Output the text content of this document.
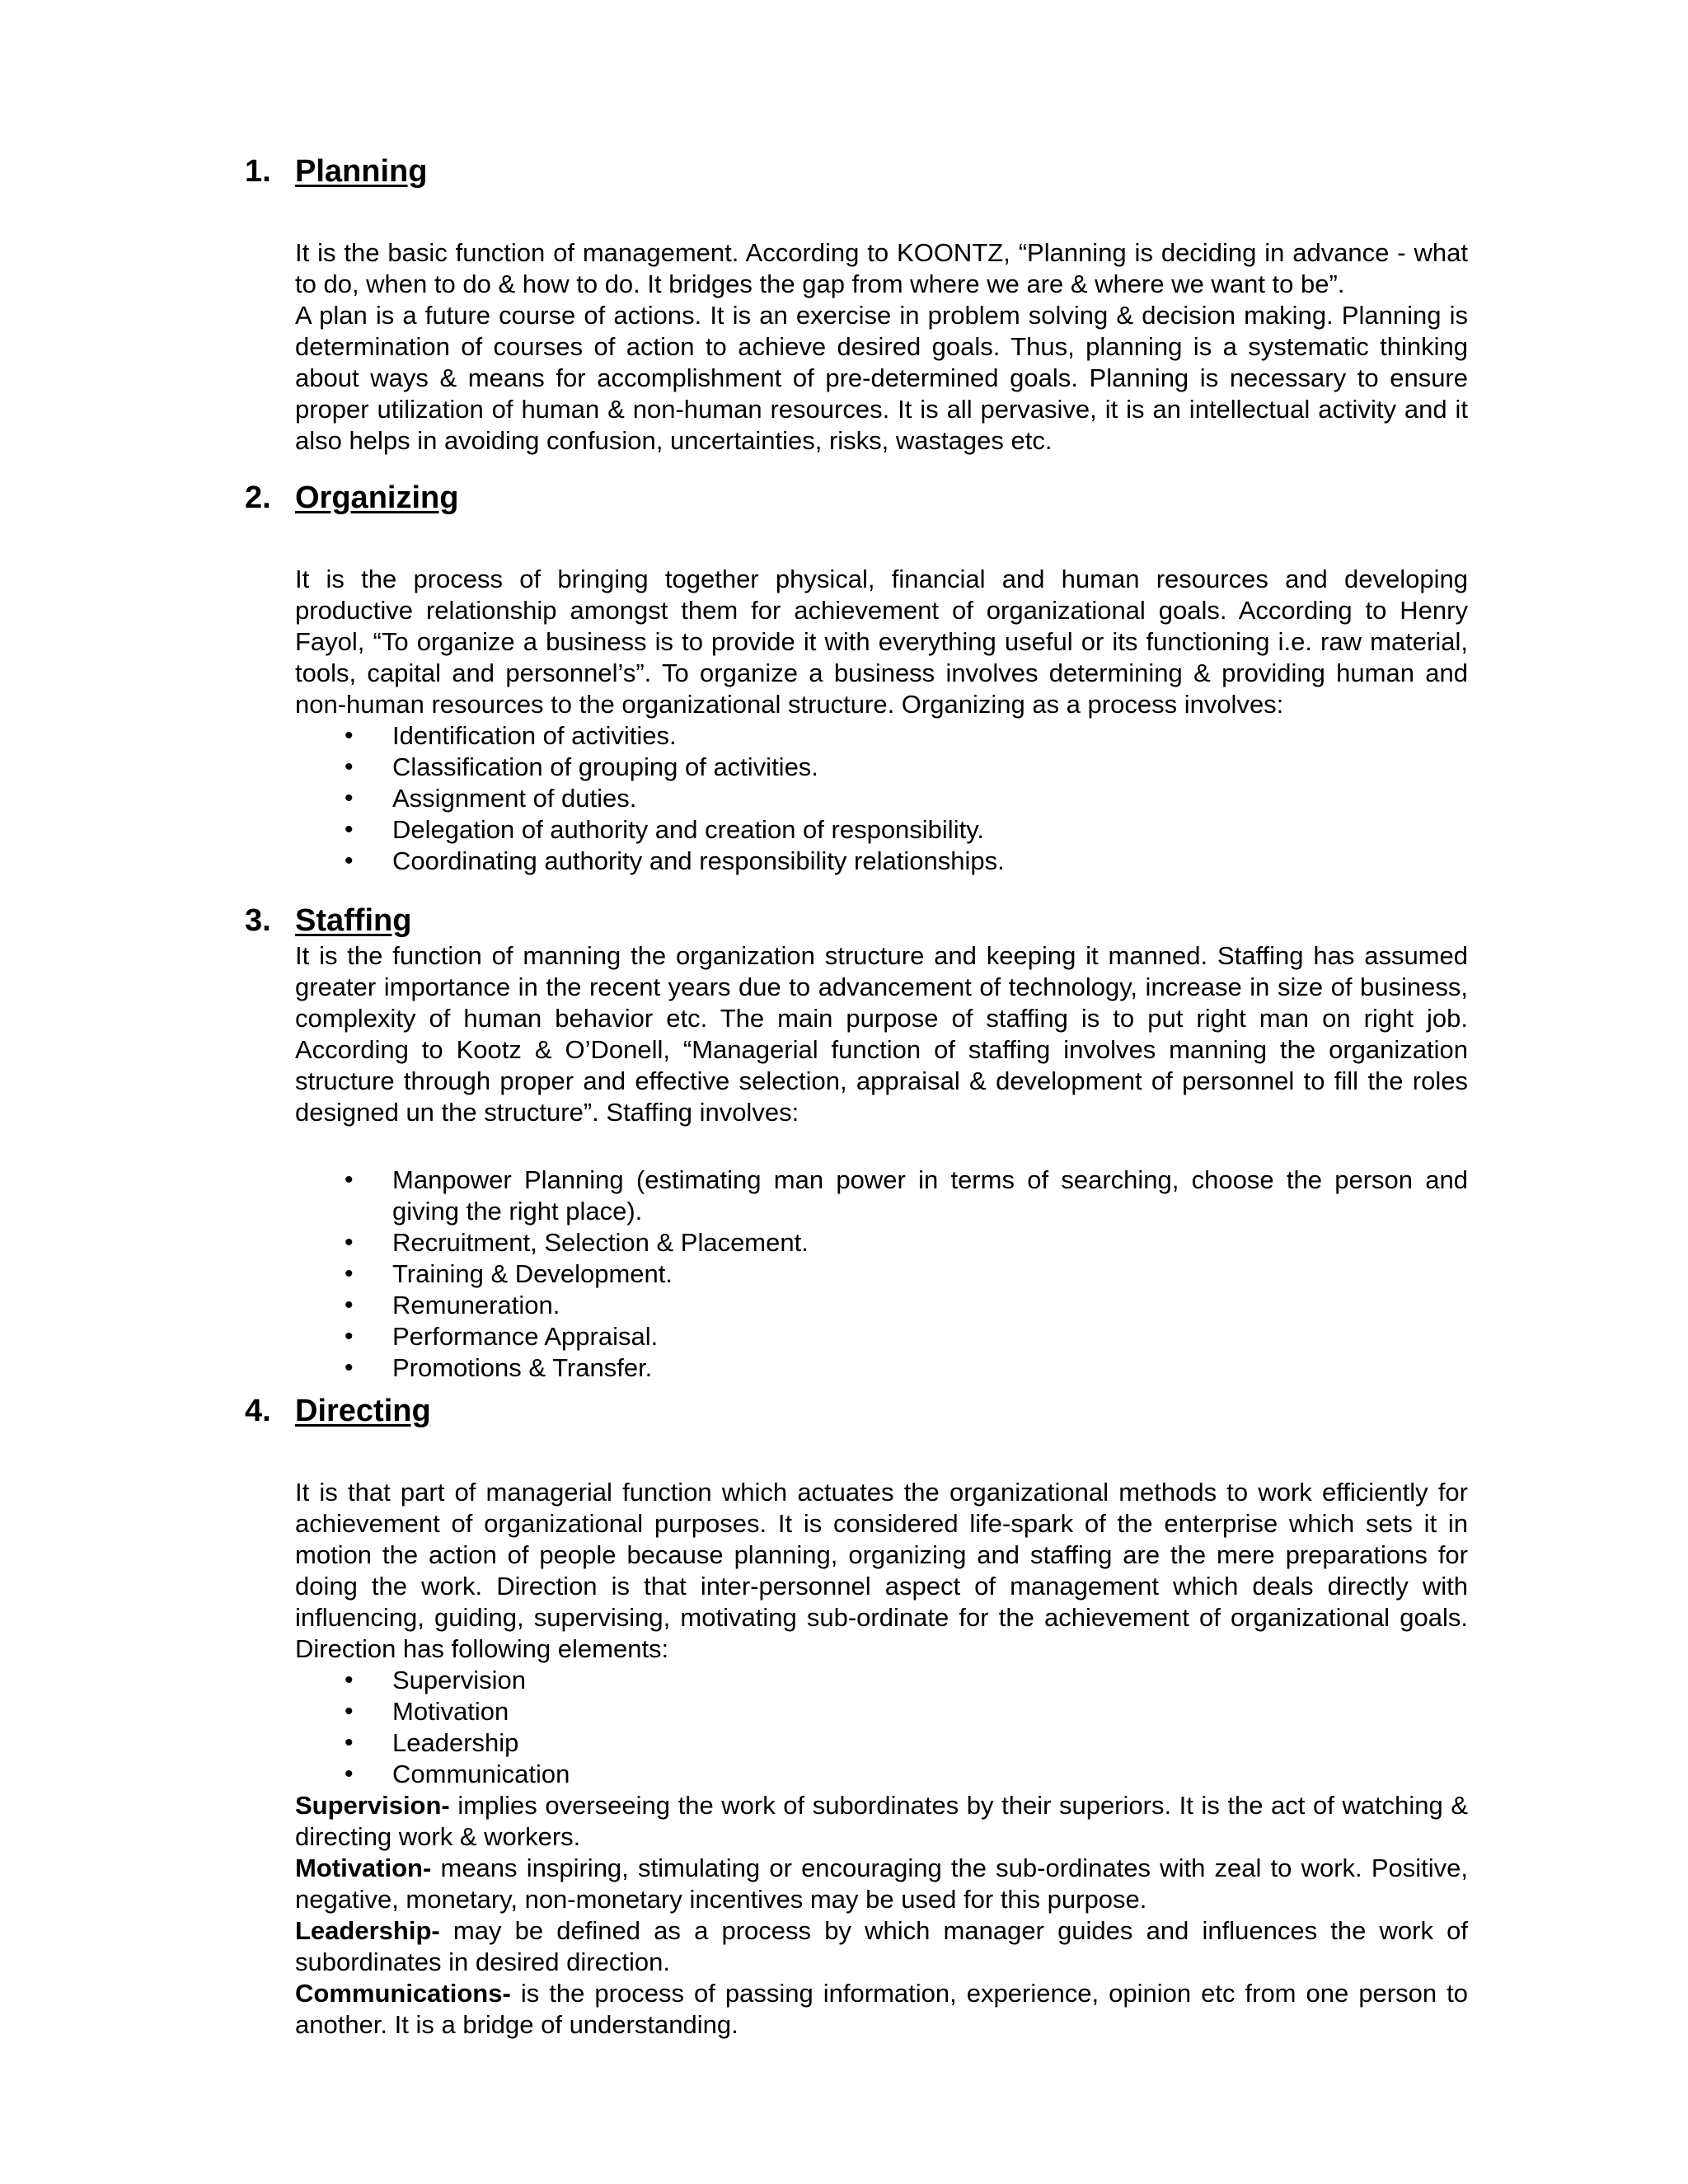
1. Planning

It is the basic function of management. According to KOONTZ, “Planning is deciding in advance - what to do, when to do & how to do. It bridges the gap from where we are & where we want to be”.

A plan is a future course of actions. It is an exercise in problem solving & decision making. Planning is determination of courses of action to achieve desired goals. Thus, planning is a systematic thinking about ways & means for accomplishment of pre-determined goals. Planning is necessary to ensure proper utilization of human & non-human resources. It is all pervasive, it is an intellectual activity and it also helps in avoiding confusion, uncertainties, risks, wastages etc.

2. Organizing

It is the process of bringing together physical, financial and human resources and developing productive relationship amongst them for achievement of organizational goals. According to Henry Fayol, “To organize a business is to provide it with everything useful or its functioning i.e. raw material, tools, capital and personnel’s”. To organize a business involves determining & providing human and non-human resources to the organizational structure. Organizing as a process involves:

• Identification of activities.
• Classification of grouping of activities.
• Assignment of duties.
• Delegation of authority and creation of responsibility.
• Coordinating authority and responsibility relationships.
3. Staffing

It is the function of manning the organization structure and keeping it manned. Staffing has assumed greater importance in the recent years due to advancement of technology, increase in size of business, complexity of human behavior etc. The main purpose of staffing is to put right man on right job. According to Kootz & O’Donell, “Managerial function of staffing involves manning the organization structure through proper and effective selection, appraisal & development of personnel to fill the roles designed un the structure”. Staffing involves:

• Manpower Planning (estimating man power in terms of searching, choose the person and giving the right place).
• Recruitment, Selection & Placement.
• Training & Development.
• Remuneration.
• Performance Appraisal.
• Promotions & Transfer.
4. Directing

It is that part of managerial function which actuates the organizational methods to work efficiently for achievement of organizational purposes. It is considered life-spark of the enterprise which sets it in motion the action of people because planning, organizing and staffing are the mere preparations for doing the work. Direction is that inter-personnel aspect of management which deals directly with influencing, guiding, supervising, motivating sub-ordinate for the achievement of organizational goals. Direction has following elements:

• Supervision
• Motivation
• Leadership
• Communication

Supervision- implies overseeing the work of subordinates by their superiors. It is the act of watching & directing work & workers.

Motivation- means inspiring, stimulating or encouraging the sub-ordinates with zeal to work. Positive, negative, monetary, non-monetary incentives may be used for this purpose.

Leadership- may be defined as a process by which manager guides and influences the work of subordinates in desired direction.

Communications- is the process of passing information, experience, opinion etc from one person to another. It is a bridge of understanding.
